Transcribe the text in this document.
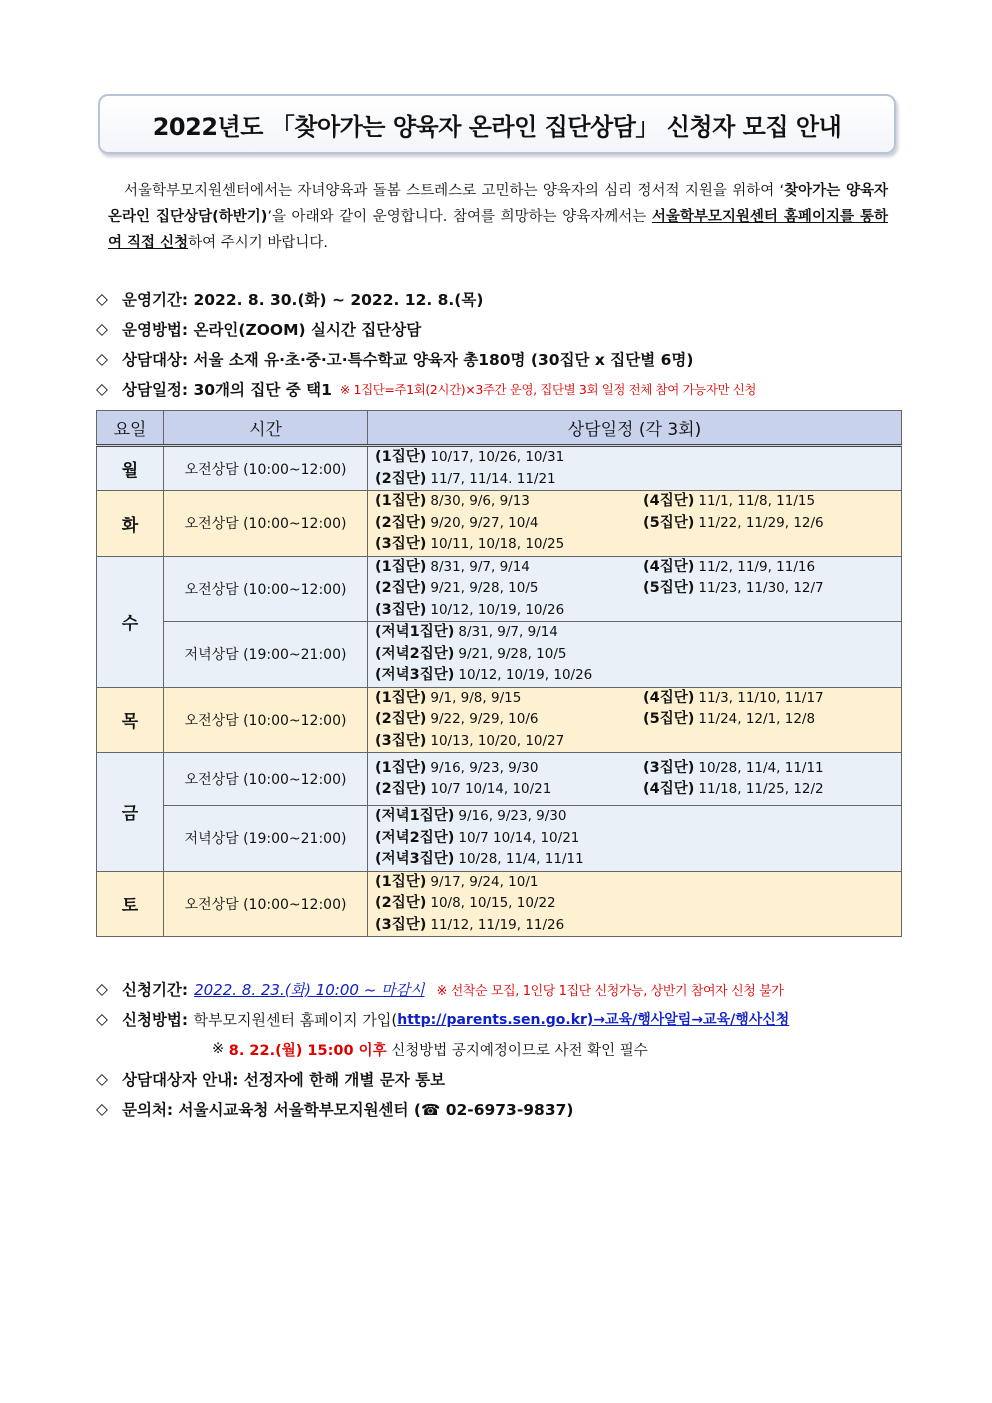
2022년도 「찾아가는 양육자 온라인 집단상담」 신청자 모집 안내
서울학부모지원센터에서는 자녀양육과 돌봄 스트레스로 고민하는 양육자의 심리 정서적 지원을 위하여 ‘찾아가는 양육자 온라인 집단상담(하반기)’을 아래와 같이 운영합니다. 참여를 희망하는 양육자께서는 서울학부모지원센터 홈페이지를 통하여 직접 신청하여 주시기 바랍니다.
◇ 운영기간: 2022. 8. 30.(화) ~ 2022. 12. 8.(목)
◇ 운영방법: 온라인(ZOOM) 실시간 집단상담
◇ 상담대상: 서울 소재 유·초·중·고·특수학교 양육자 총180명 (30집단 x 집단별 6명)
◇ 상담일정: 30개의 집단 중 택1 ※ 1집단=주1회(2시간)×3주간 운영, 집단별 3회 일정 전체 참여 가능자만 신청
요일	시간	상담일정 (각 3회)
월	오전상담 (10:00~12:00)	(1집단) 10/17, 10/26, 10/31
(2집단) 11/7, 11/14. 11/21

화	오전상담 (10:00~12:00)	(1집단) 8/30, 9/6, 9/13 (4집단) 11/1, 11/8, 11/15
(2집단) 9/20, 9/27, 10/4 (5집단) 11/22, 11/29, 12/6
(3집단) 10/11, 10/18, 10/25

수	오전상담 (10:00~12:00)	(1집단) 8/31, 9/7, 9/14 (4집단) 11/2, 11/9, 11/16
(2집단) 9/21, 9/28, 10/5 (5집단) 11/23, 11/30, 12/7
(3집단) 10/12, 10/19, 10/26

	저녁상담 (19:00~21:00)	(저녁1집단) 8/31, 9/7, 9/14
(저녁2집단) 9/21, 9/28, 10/5
(저녁3집단) 10/12, 10/19, 10/26

목	오전상담 (10:00~12:00)	(1집단) 9/1, 9/8, 9/15 (4집단) 11/3, 11/10, 11/17
(2집단) 9/22, 9/29, 10/6 (5집단) 11/24, 12/1, 12/8
(3집단) 10/13, 10/20, 10/27

금	오전상담 (10:00~12:00)	(1집단) 9/16, 9/23, 9/30 (3집단) 10/28, 11/4, 11/11
(2집단) 10/7 10/14, 10/21 (4집단) 11/18, 11/25, 12/2

	저녁상담 (19:00~21:00)	(저녁1집단) 9/16, 9/23, 9/30
(저녁2집단) 10/7 10/14, 10/21
(저녁3집단) 10/28, 11/4, 11/11

토	오전상담 (10:00~12:00)	(1집단) 9/17, 9/24, 10/1
(2집단) 10/8, 10/15, 10/22
(3집단) 11/12, 11/19, 11/26
◇ 신청기간: 2022. 8. 23.(화) 10:00 ~ 마감시 ※ 선착순 모집, 1인당 1집단 신청가능, 상반기 참여자 신청 불가
◇ 신청방법:
학부모지원센터 홈페이지 가입( http://parents.sen.go.kr)→교육/행사알림→교육/행사신청
※
8. 22.(월) 15:00 이후
신청방법 공지예정이므로 사전 확인 필수
◇ 상담대상자 안내: 선정자에 한해 개별 문자 통보
◇ 문의처: 서울시교육청 서울학부모지원센터 (☎ 02-6973-9837)
